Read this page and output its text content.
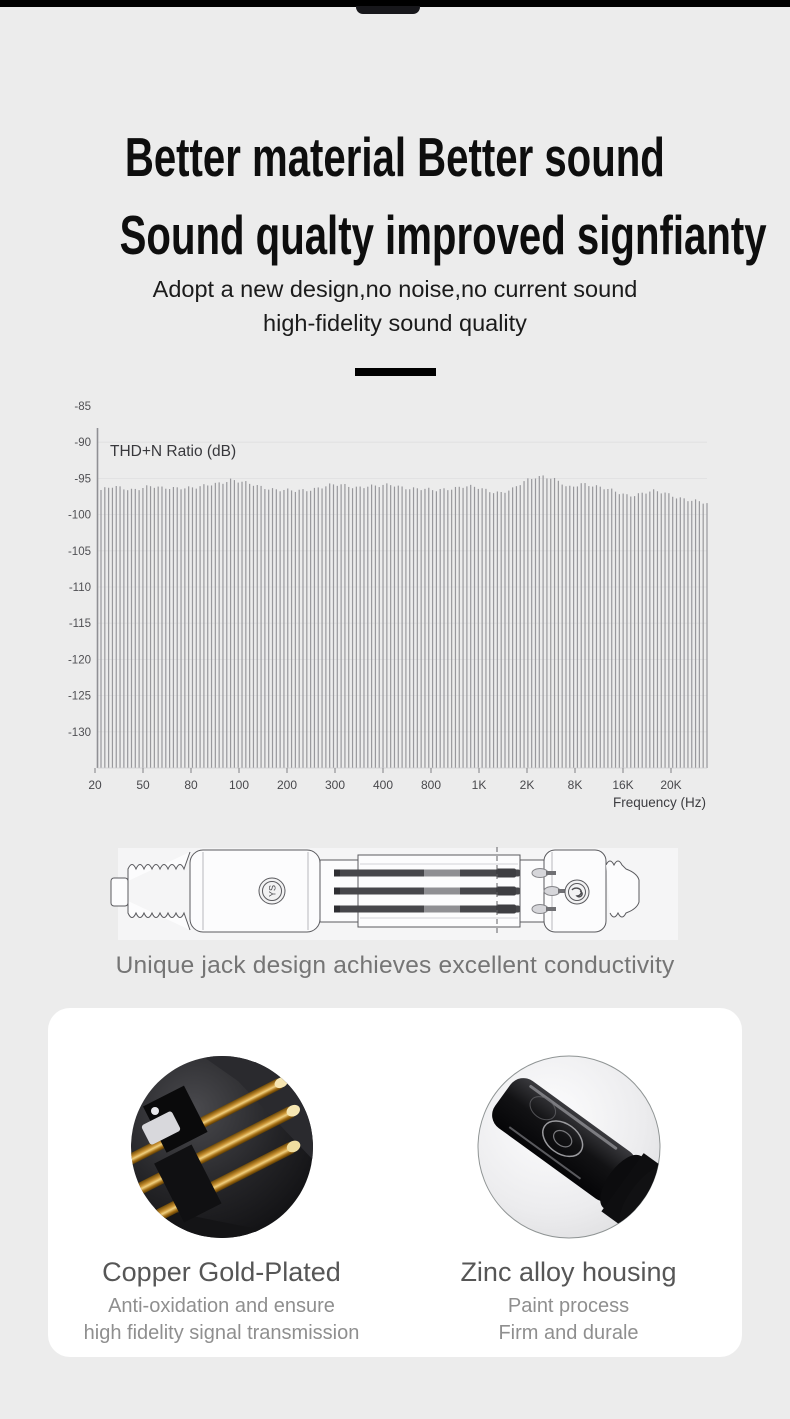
Better material Better sound
Sound qualty improved signfianty
Adopt a new design,no noise,no current sound
high-fidelity sound quality
-85
-90
-95
-100
-105
-110
-115
-120
-125
-130
THD+N Ratio (dB)
20	50	80	100 200 300 400 800	1K	2K	8K 16K 20K
Frequency (Hz)
YS
Unique jack design achieves excellent conductivity
Copper Gold-Plated
Anti-oxidation and ensure
high fidelity signal transmission
Zinc alloy housing
Paint process
Firm and durale
